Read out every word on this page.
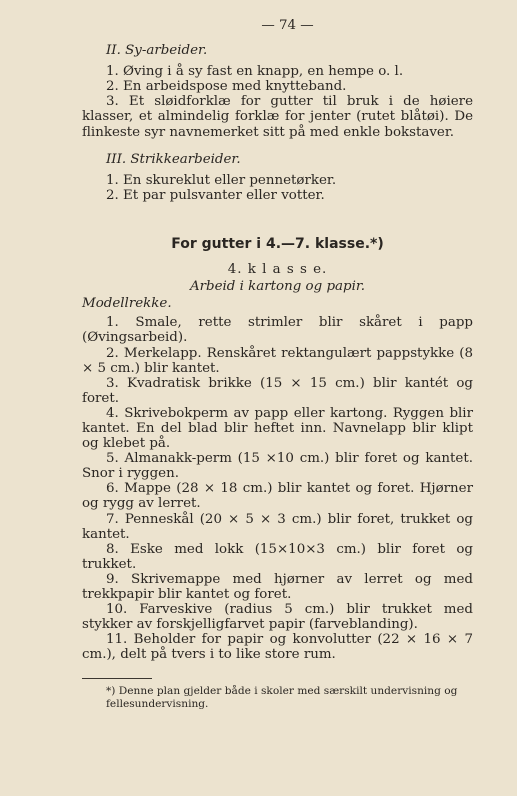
— 74 —
II. Sy-arbeider.

1. Øving i å sy fast en knapp, en hempe o. l.

2. En arbeidspose med knytteband.

3. Et sløidforklæ for gutter til bruk i de høiere klasser, et almindelig forklæ for jenter (rutet blåtøi). De flinkeste syr navnemerket sitt på med enkle bokstaver.

III. Strikkearbeider.

1. En skureklut eller pennetørker.

2. Et par pulsvanter eller votter.

For gutter i 4.—7. klasse.*)
4. k l a s s e.
Arbeid i kartong og papir.
Modellrekke.

1. Smale, rette strimler blir skåret i papp (Øvingsarbeid).

2. Merkelapp. Renskåret rektangulært pappstykke (8 × 5 cm.) blir kantet.

3. Kvadratisk brikke (15 × 15 cm.) blir kantét og foret.

4. Skrivebokperm av papp eller kartong. Ryggen blir kantet. En del blad blir heftet inn. Navnelapp blir klipt og klebet på.

5. Almanakk-perm (15 ×10 cm.) blir foret og kantet. Snor i ryggen.

6. Mappe (28 × 18 cm.) blir kantet og foret. Hjørner og rygg av lerret.

7. Penneskål (20 × 5 × 3 cm.) blir foret, trukket og kantet.

8. Eske med lokk (15×10×3 cm.) blir foret og trukket.

9. Skrivemappe med hjørner av lerret og med trekkpapir blir kantet og foret.

10. Farveskive (radius 5 cm.) blir trukket med stykker av forskjelligfarvet papir (farveblanding).

11. Beholder for papir og konvolutter (22 × 16 × 7 cm.), delt på tvers i to like store rum.

*) Denne plan gjelder både i skoler med særskilt undervisning og fellesundervisning.
